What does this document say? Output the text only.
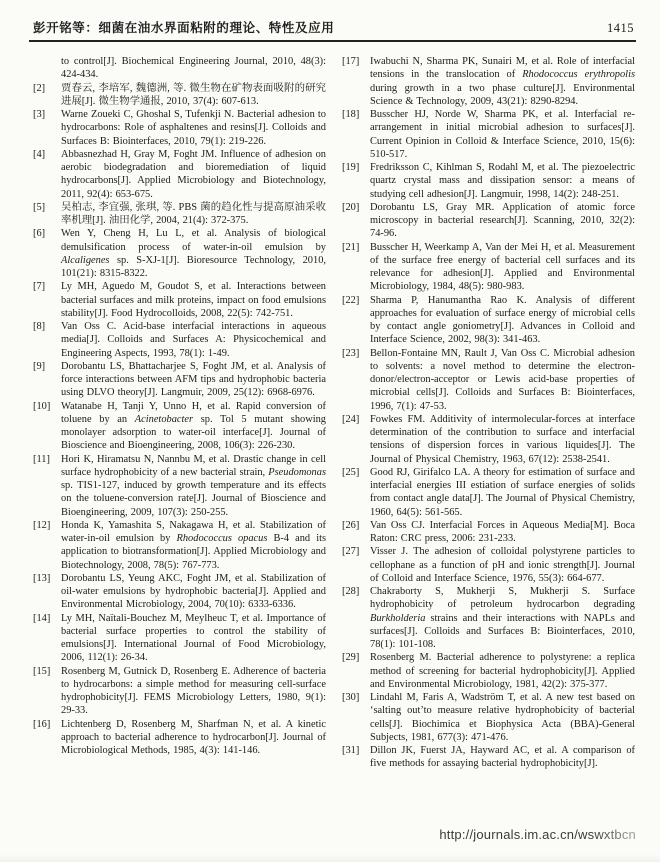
彭开铭等：细菌在油水界面粘附的理论、特性及应用	1415
to control[J]. Biochemical Engineering Journal, 2010, 48(3): 424-434.
[2]	贾春云, 李培军, 魏德洲, 等. 微生物在矿物表面吸附的研究进展[J]. 微生物学通报, 2010, 37(4): 607-613.
[3]	Warne Zoueki C, Ghoshal S, Tufenkji N. Bacterial adhesion to hydrocarbons: Role of asphaltenes and resins[J]. Colloids and Surfaces B: Biointerfaces, 2010, 79(1): 219-226.
[4]	Abbasnezhad H, Gray M, Foght JM. Influence of adhesion on aerobic biodegradation and bioremediation of liquid hydrocarbons[J]. Applied Microbiology and Biotechnology, 2011, 92(4): 653-675.
[5]	吴柏志, 李宜强, 张琪, 等. PBS 菌的趋化性与提高原油采收率机理[J]. 油田化学, 2004, 21(4): 372-375.
[6]	Wen Y, Cheng H, Lu L, et al. Analysis of biological demulsification process of water-in-oil emulsion by Alcaligenes sp. S-XJ-1[J]. Bioresource Technology, 2010, 101(21): 8315-8322.
[7]	Ly MH, Aguedo M, Goudot S, et al. Interactions between bacterial surfaces and milk proteins, impact on food emulsions stability[J]. Food Hydrocolloids, 2008, 22(5): 742-751.
[8]	Van Oss C. Acid-base interfacial interactions in aqueous media[J]. Colloids and Surfaces A: Physicochemical and Engineering Aspects, 1993, 78(1): 1-49.
[9]	Dorobantu LS, Bhattacharjee S, Foght JM, et al. Analysis of force interactions between AFM tips and hydrophobic bacteria using DLVO theory[J]. Langmuir, 2009, 25(12): 6968-6976.
[10]	Watanabe H, Tanji Y, Unno H, et al. Rapid conversion of toluene by an Acinetobacter sp. Tol 5 mutant showing monolayer adsorption to water-oil interface[J]. Journal of Bioscience and Bioengineering, 2008, 106(3): 226-230.
[11]	Hori K, Hiramatsu N, Nannbu M, et al. Drastic change in cell surface hydrophobicity of a new bacterial strain, Pseudomonas sp. TIS1-127, induced by growth temperature and its effects on the toluene-conversion rate[J]. Journal of Bioscience and Bioengineering, 2009, 107(3): 250-255.
[12]	Honda K, Yamashita S, Nakagawa H, et al. Stabilization of water-in-oil emulsion by Rhodococcus opacus B-4 and its application to biotransformation[J]. Applied Microbiology and Biotechnology, 2008, 78(5): 767-773.
[13]	Dorobantu LS, Yeung AKC, Foght JM, et al. Stabilization of oil-water emulsions by hydrophobic bacteria[J]. Applied and Environmental Microbiology, 2004, 70(10): 6333-6336.
[14]	Ly MH, Naïtali-Bouchez M, Meylheuc T, et al. Importance of bacterial surface properties to control the stability of emulsions[J]. International Journal of Food Microbiology, 2006, 112(1): 26-34.
[15]	Rosenberg M, Gutnick D, Rosenberg E. Adherence of bacteria to hydrocarbons: a simple method for measuring cell-surface hydrophobicity[J]. FEMS Microbiology Letters, 1980, 9(1): 29-33.
[16]	Lichtenberg D, Rosenberg M, Sharfman N, et al. A kinetic approach to bacterial adherence to hydrocarbon[J]. Journal of Microbiological Methods, 1985, 4(3): 141-146.
[17]	Iwabuchi N, Sharma PK, Sunairi M, et al. Role of interfacial tensions in the translocation of Rhodococcus erythropolis during growth in a two phase culture[J]. Environmental Science & Technology, 2009, 43(21): 8290-8294.
[18]	Busscher HJ, Norde W, Sharma PK, et al. Interfacial re-arrangement in initial microbial adhesion to surfaces[J]. Current Opinion in Colloid & Interface Science, 2010, 15(6): 510-517.
[19]	Fredriksson C, Kihlman S, Rodahl M, et al. The piezoelectric quartz crystal mass and dissipation sensor: a means of studying cell adhesion[J]. Langmuir, 1998, 14(2): 248-251.
[20]	Dorobantu LS, Gray MR. Application of atomic force microscopy in bacterial research[J]. Scanning, 2010, 32(2): 74-96.
[21]	Busscher H, Weerkamp A, Van der Mei H, et al. Measurement of the surface free energy of bacterial cell surfaces and its relevance for adhesion[J]. Applied and Environmental Microbiology, 1984, 48(5): 980-983.
[22]	Sharma P, Hanumantha Rao K. Analysis of different approaches for evaluation of surface energy of microbial cells by contact angle goniometry[J]. Advances in Colloid and Interface Science, 2002, 98(3): 341-463.
[23]	Bellon-Fontaine MN, Rault J, Van Oss C. Microbial adhesion to solvents: a novel method to determine the electron-donor/electron-acceptor or Lewis acid-base properties of microbial cells[J]. Colloids and Surfaces B: Biointerfaces, 1996, 7(1): 47-53.
[24]	Fowkes FM. Additivity of intermolecular-forces at interface determination of the contribution to surface and interfacial tensions of dispersion forces in various liquides[J]. The Journal of Physical Chemistry, 1963, 67(12): 2538-2541.
[25]	Good RJ, Girifalco LA. A theory for estimation of surface and interfacial energies III estiation of surface energies of solids from contact angle data[J]. The Journal of Physical Chemistry, 1960, 64(5): 561-565.
[26]	Van Oss CJ. Interfacial Forces in Aqueous Media[M]. Boca Raton: CRC press, 2006: 231-233.
[27]	Visser J. The adhesion of colloidal polystyrene particles to cellophane as a function of pH and ionic strength[J]. Journal of Colloid and Interface Science, 1976, 55(3): 664-677.
[28]	Chakraborty S, Mukherji S, Mukherji S. Surface hydrophobicity of petroleum hydrocarbon degrading Burkholderia strains and their interactions with NAPLs and surfaces[J]. Colloids and Surfaces B: Biointerfaces, 2010, 78(1): 101-108.
[29]	Rosenberg M. Bacterial adherence to polystyrene: a replica method of screening for bacterial hydrophobicity[J]. Applied and Environmental Microbiology, 1981, 42(2): 375-377.
[30]	Lindahl M, Faris A, Wadström T, et al. A new test based on ‘salting out’to measure relative hydrophobicity of bacterial cells[J]. Biochimica et Biophysica Acta (BBA)-General Subjects, 1981, 677(3): 471-476.
[31]	Dillon JK, Fuerst JA, Hayward AC, et al. A comparison of five methods for assaying bacterial hydrophobicity[J].
http://journals.im.ac.cn/wswxtbcn
